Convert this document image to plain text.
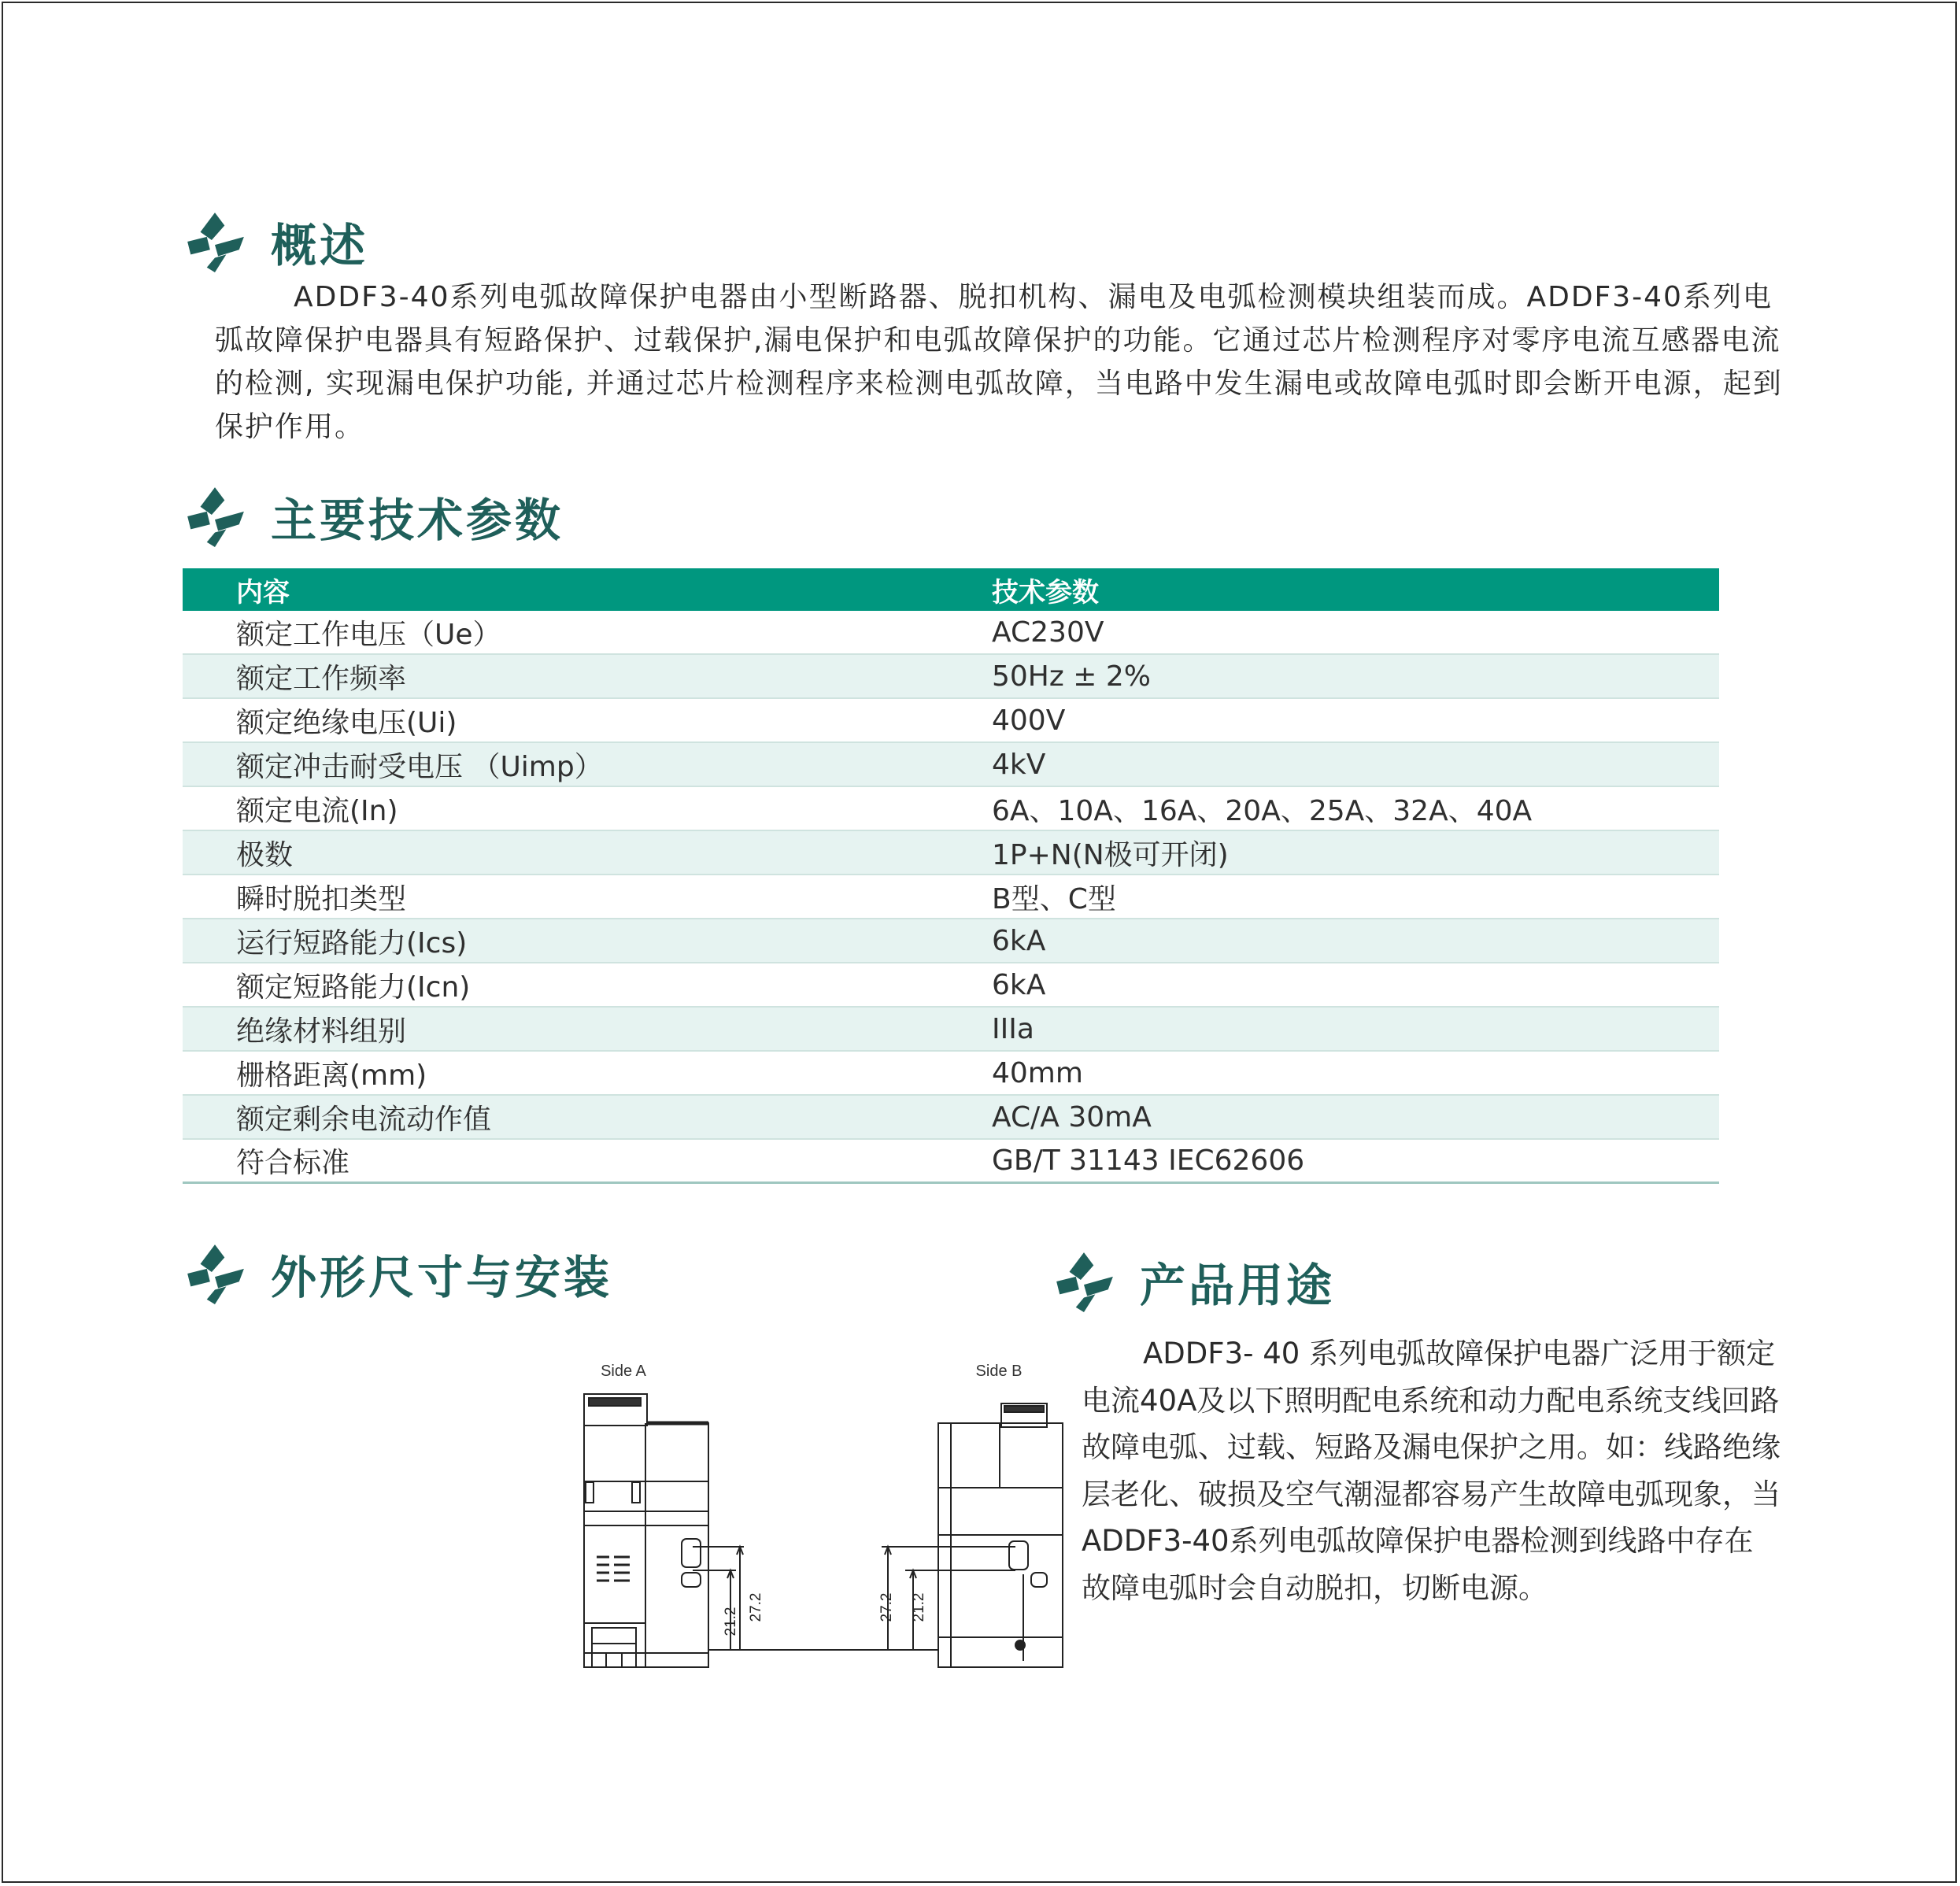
概述

ADDF3-40系列电弧故障保护电器由小型断路器、脱扣机构、漏电及电弧检测模块组装而成。ADDF3-40系列电弧故障保护电器具有短路保护、过载保护,漏电保护和电弧故障保护的功能。它通过芯片检测程序对零序电流互感器电流的检测, 实现漏电保护功能, 并通过芯片检测程序来检测电弧故障，当电路中发生漏电或故障电弧时即会断开电源，起到保护作用。

主要技术参数
内容	技术参数
额定工作电压（Ue）	AC230V
额定工作频率	50Hz ± 2%
额定绝缘电压(Ui)	400V
额定冲击耐受电压 （Uimp）	4kV
额定电流(In)	6A、10A、16A、20A、25A、32A、40A
极数	1P+N(N极可开闭)
瞬时脱扣类型	B型、C型
运行短路能力(Ics)	6kA
额定短路能力(Icn)	6kA
绝缘材料组别	IIIa
栅格距离(mm)	40mm
额定剩余电流动作值	AC/A 30mA
符合标准	GB/T 31143 IEC62606
外形尺寸与安装	产品用途

ADDF3- 40 系列电弧故障保护电器广泛用于额定电流40A及以下照明配电系统和动力配电系统支线回路故障电弧、过载、短路及漏电保护之用。如：线路绝缘层老化、破损及空气潮湿都容易产生故障电弧现象，当ADDF3-40系列电弧故障保护电器检测到线路中存在故障电弧时会自动脱扣，切断电源。

Side A	Side B
21.2 27.2	27.2 21.2
